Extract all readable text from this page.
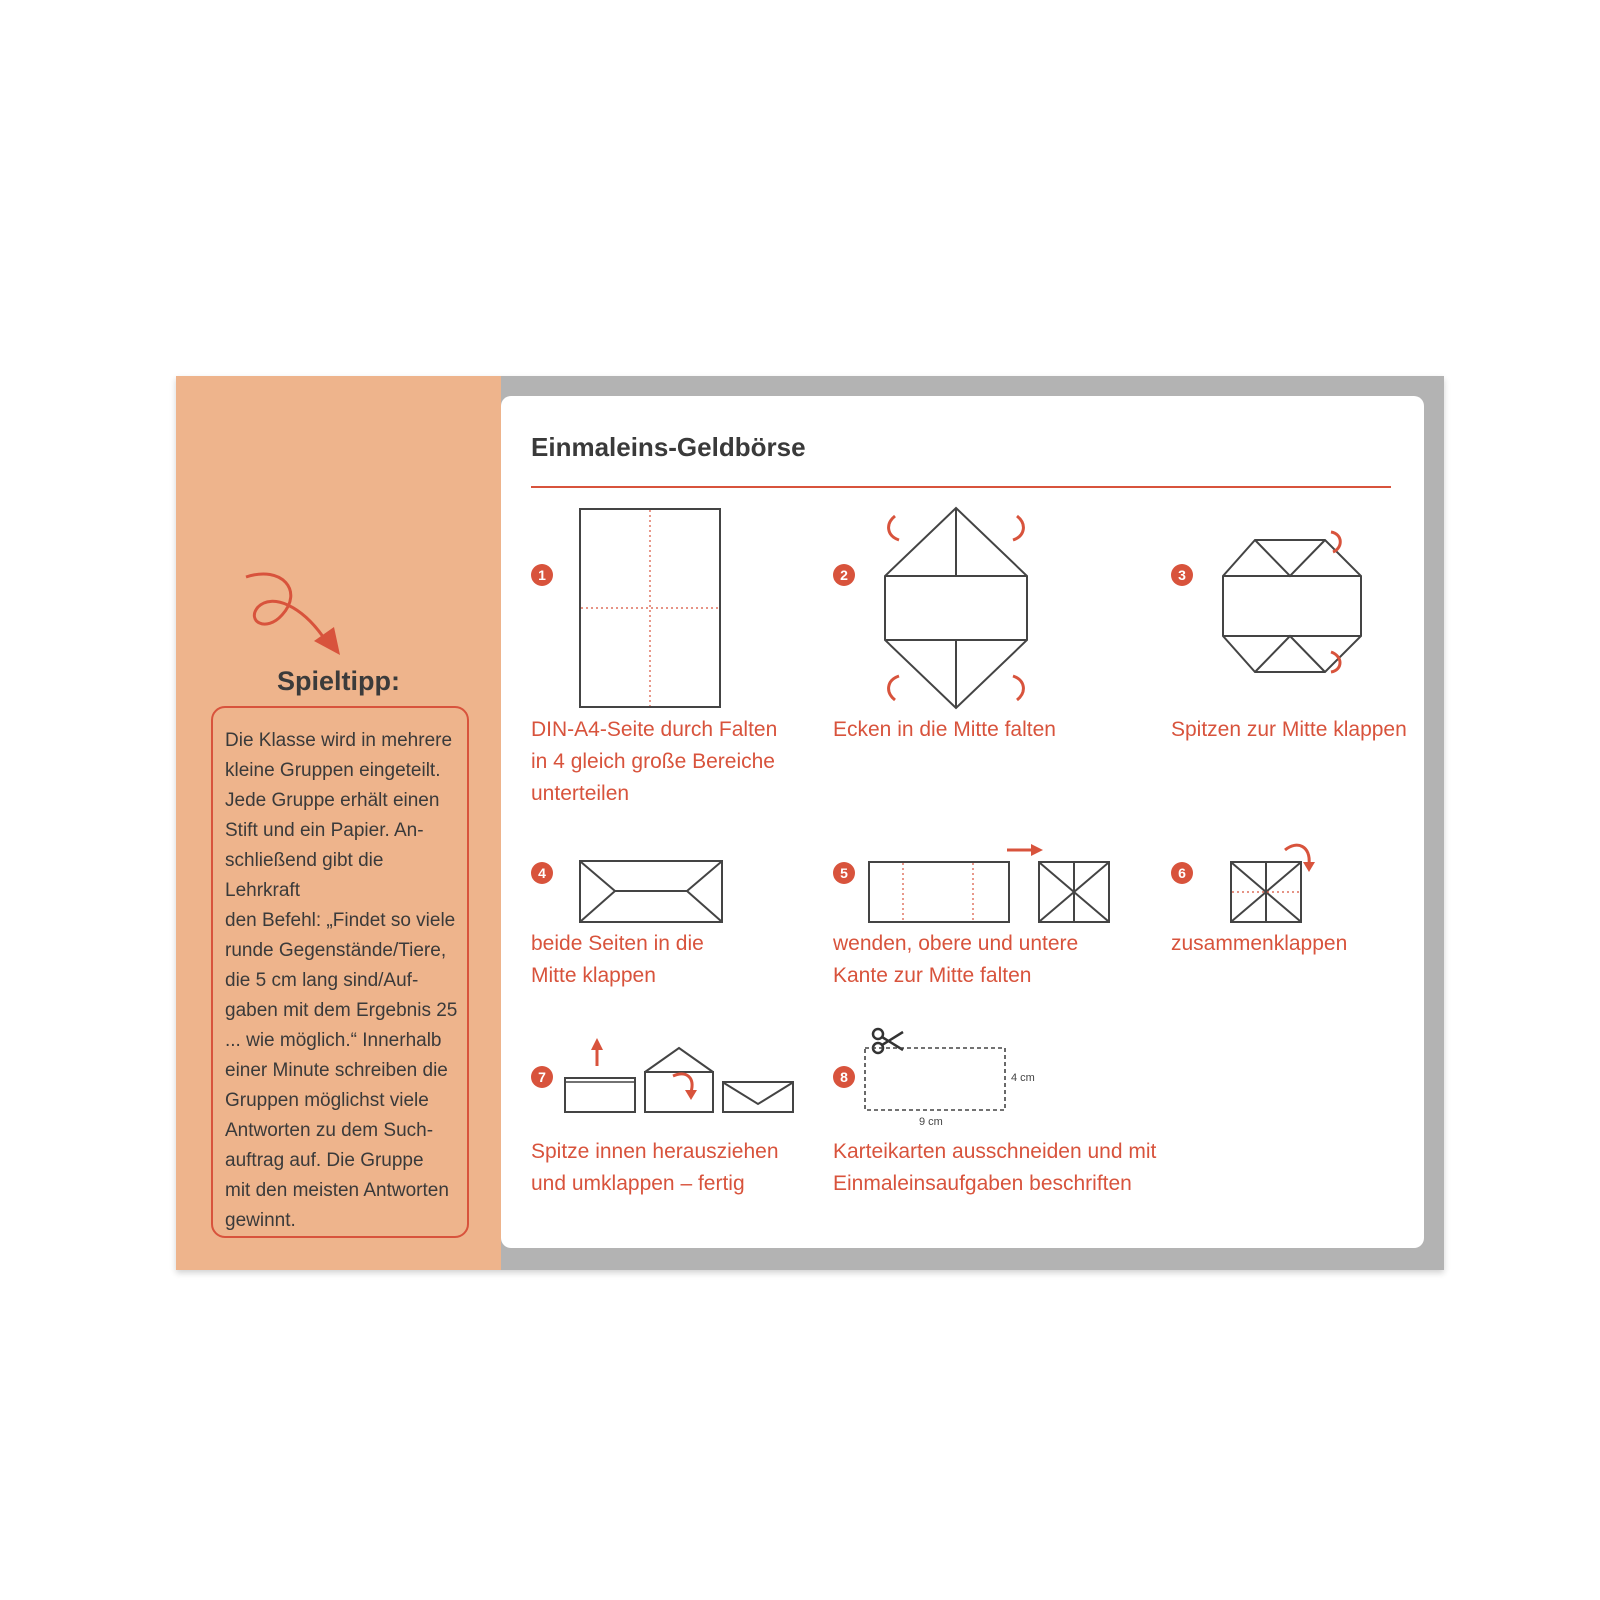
Spieltipp:
Die Klasse wird in mehrere
kleine Gruppen eingeteilt.
Jede Gruppe erhält einen
Stift und ein Papier. An-
schließend gibt die Lehrkraft
den Befehl: „Findet so viele
runde Gegenstände/Tiere,
die 5 cm lang sind/Auf-
gaben mit dem Ergebnis 25
... wie möglich.“ Innerhalb
einer Minute schreiben die
Gruppen möglichst viele
Antworten zu dem Such-
auftrag auf. Die Gruppe
mit den meisten Antworten
gewinnt.
Einmaleins-Geldbörse
1
DIN-A4-Seite durch Falten
in 4 gleich große Bereiche
unterteilen
2
Ecken in die Mitte falten
3
Spitzen zur Mitte klappen
4
beide Seiten in die
Mitte klappen
5
wenden, obere und untere
Kante zur Mitte falten
6
zusammenklappen
7
Spitze innen herausziehen
und umklappen – fertig
8	4 cm
9 cm
Karteikarten ausschneiden und mit
Einmaleinsaufgaben beschriften
